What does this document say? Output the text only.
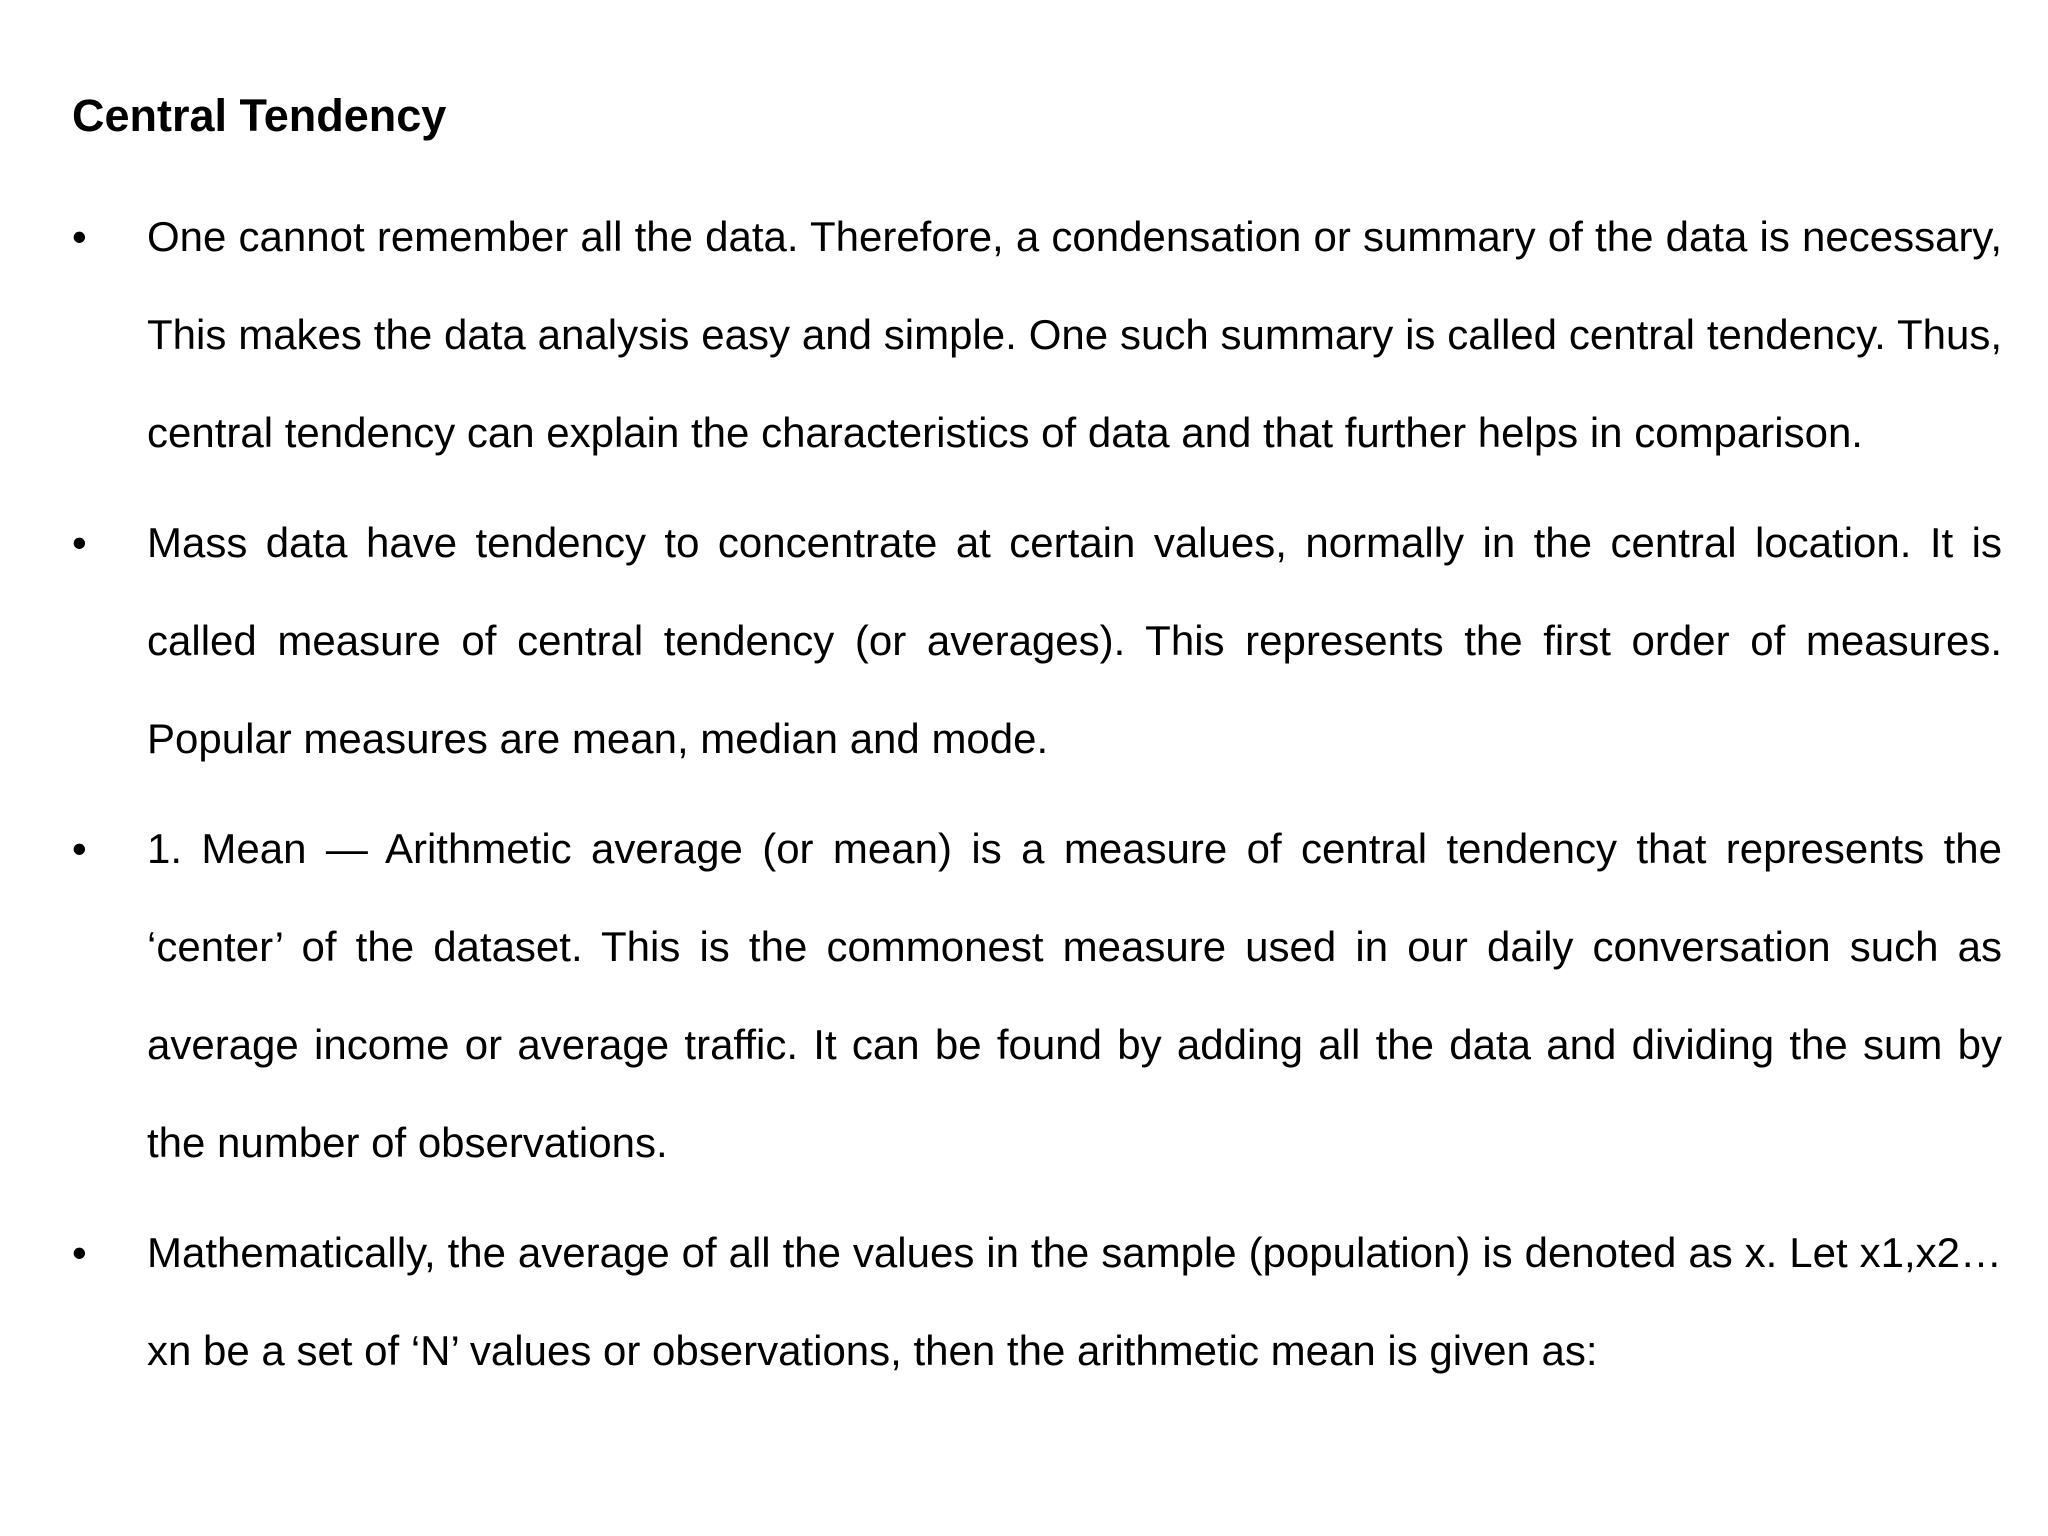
Central Tendency
•	One cannot remember all the data. Therefore, a condensation or summary of the data is necessary, This makes the data analysis easy and simple. One such summary is called central tendency. Thus, central tendency can explain the characteristics of data and that further helps in comparison.
•	Mass data have tendency to concentrate at certain values, normally in the central location. It is called measure of central tendency (or averages). This represents the first order of measures. Popular measures are mean, median and mode.
•	1. Mean — Arithmetic average (or mean) is a measure of central tendency that represents the ‘center’ of the dataset. This is the commonest measure used in our daily conversation such as average income or average traffic. It can be found by adding all the data and dividing the sum by the number of observations.
•	Mathematically, the average of all the values in the sample (population) is denoted as x. Let x1,x2…xn be a set of ‘N’ values or observations, then the arithmetic mean is given as:
